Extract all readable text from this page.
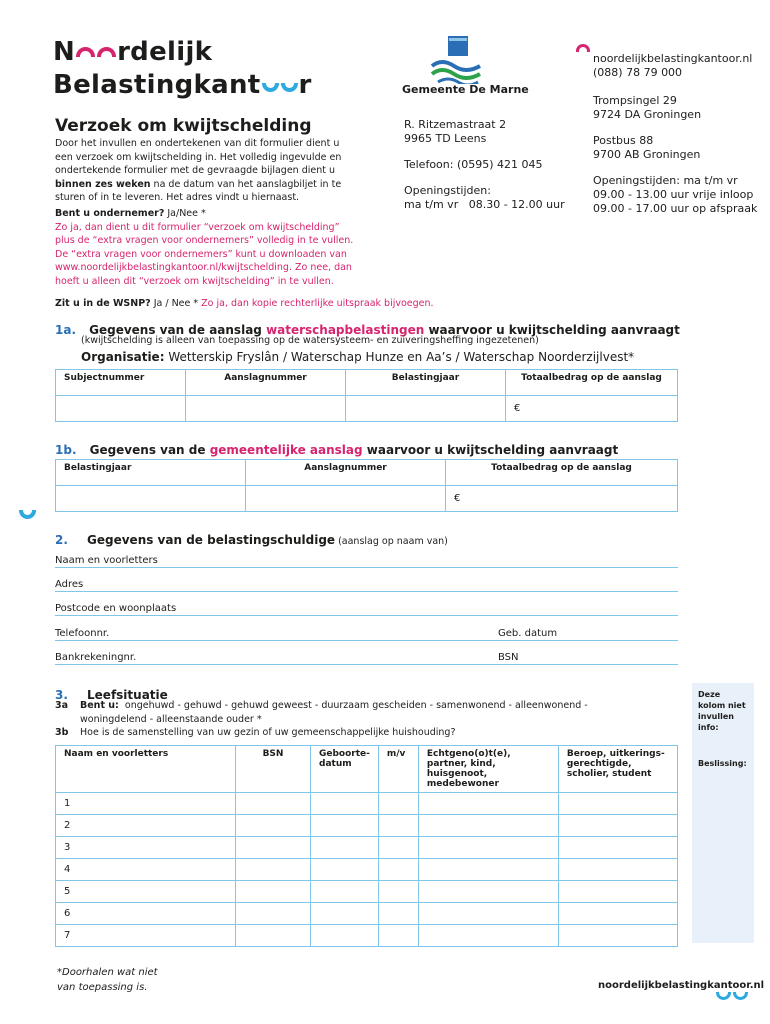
N rdelijk
Belastingkant r	Gemeente De Marne
noordelijkbelastingkantoor.nl
(088) 78 79 000
Trompsingel 29
9724 DA Groningen
Postbus 88
9700 AB Groningen
Openingstijden: ma t/m vr
09.00 - 13.00 uur vrije inloop
09.00 - 17.00 uur op afspraak
R. Ritzemastraat 2
9965 TD Leens
Telefoon: (0595) 421 045
Openingstijden:
ma t/m vr   08.30 - 12.00 uur
Verzoek om kwijtschelding
Door het invullen en ondertekenen van dit formulier dient u
een verzoek om kwijtschelding in. Het volledig ingevulde en
ondertekende formulier met de gevraagde bijlagen dient u
binnen zes weken na de datum van het aanslagbiljet in te
sturen of in te leveren. Het adres vindt u hiernaast.
Bent u ondernemer? Ja/Nee *
Zo ja, dan dient u dit formulier “verzoek om kwijtschelding”
plus de “extra vragen voor ondernemers” volledig in te vullen.
De “extra vragen voor ondernemers” kunt u downloaden van
www.noordelijkbelastingkantoor.nl/kwijtschelding. Zo nee, dan
hoeft u alleen dit “verzoek om kwijtschelding” in te vullen.
Zit u in de WSNP? Ja / Nee * Zo ja, dan kopie rechterlijke uitspraak bijvoegen.
1a. Gegevens van de aanslag waterschapbelastingen waarvoor u kwijtschelding aanvraagt
(kwijtschelding is alleen van toepassing op de watersysteem- en zuiveringsheffing ingezetenen)
Organisatie: Wetterskip Fryslân / Waterschap Hunze en Aa’s / Waterschap Noorderzijlvest*
Subjectnummer	Aanslagnummer	Belastingjaar	Totaalbedrag op de aanslag
			€
1b. Gegevens van de gemeentelijke aanslag waarvoor u kwijtschelding aanvraagt
Belastingjaar	Aanslagnummer	Totaalbedrag op de aanslag
		€
2. Gegevens van de belastingschuldige (aanslag op naam van)
Naam en voorletters
Adres
Postcode en woonplaats
Telefoonnr.	Geb. datum
Bankrekeningnr.	BSN
3. Leefsituatie
3a Bent u:  ongehuwd - gehuwd - gehuwd geweest - duurzaam gescheiden - samenwonend - alleenwonend -
woningdelend - alleenstaande ouder *
3b Hoe is de samenstelling van uw gezin of uw gemeenschappelijke huishouding?
Naam en voorletters	BSN	Geboorte-datum	m/v	Echtgeno(o)t(e), partner, kind, huisgenoot, medebewoner	Beroep, uitkerings-gerechtigde, scholier, student
1					
2					
3					
4					
5					
6					
7					
Deze kolom niet invullen info:
Beslissing:
*Doorhalen wat niet
van toepassing is.	noordelijkbelastingkantoor.nl
